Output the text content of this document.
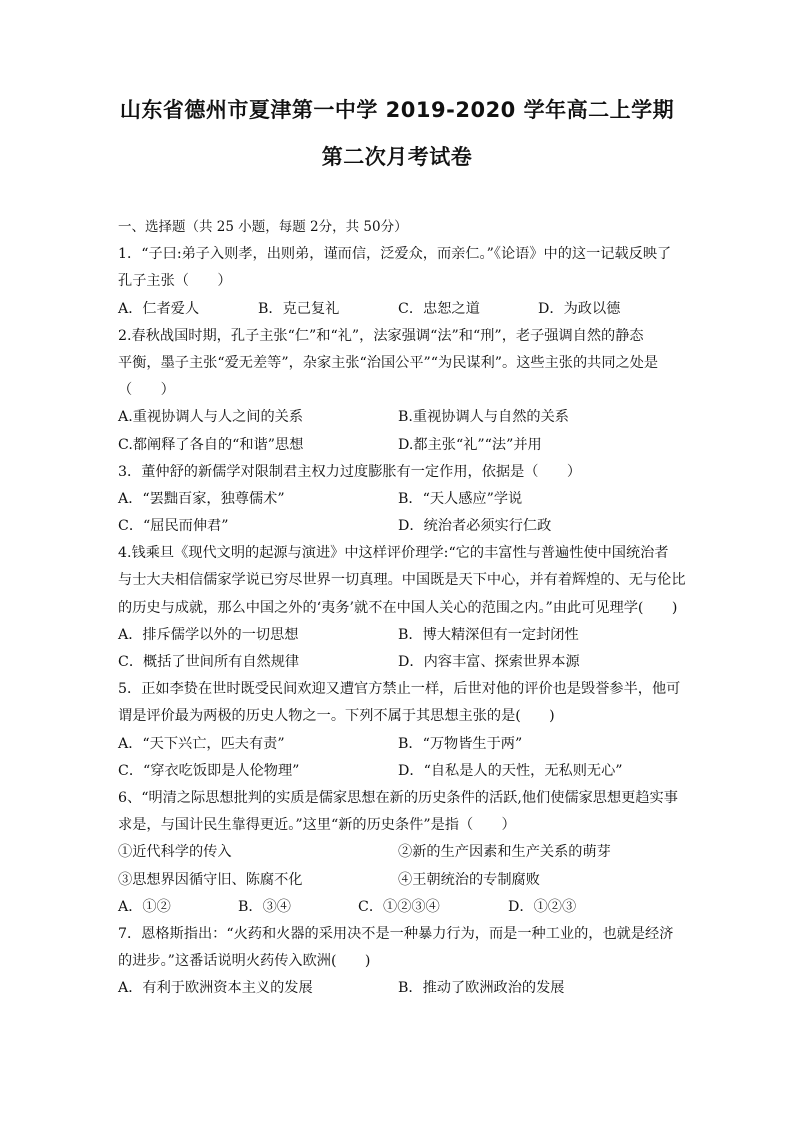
山东省德州市夏津第一中学 2019-2020 学年高二上学期
第二次月考试卷
一、选择题（共 25 小题，每题 2分，共 50分）
1．“子曰:弟子入则孝，出则弟，谨而信，泛爱众，而亲仁。”《论语》中的这一记载反映了
孔子主张（　　）
A．仁者爱人	B．克己复礼	C．忠恕之道	D．为政以德
2.春秋战国时期，孔子主张“仁”和“礼”，法家强调“法”和“刑”，老子强调自然的静态
平衡，墨子主张“爱无差等”，杂家主张“治国公平”“为民谋利”。这些主张的共同之处是
（　　）
A.重视协调人与人之间的关系	B.重视协调人与自然的关系
C.都阐释了各自的“和谐”思想	D.都主张“礼”“法”并用
3．董仲舒的新儒学对限制君主权力过度膨胀有一定作用，依据是（　　）
A．“罢黜百家，独尊儒术”	B．“天人感应”学说
C．“屈民而伸君”	D．统治者必须实行仁政
4.钱乘旦《现代文明的起源与演进》中这样评价理学:“它的丰富性与普遍性使中国统治者
与士大夫相信儒家学说已穷尽世界一切真理。中国既是天下中心，并有着辉煌的、无与伦比
的历史与成就，那么中国之外的‘夷务’就不在中国人关心的范围之内。”由此可见理学(　　)
A．排斥儒学以外的一切思想	B．博大精深但有一定封闭性
C．概括了世间所有自然规律	D．内容丰富、探索世界本源
5．正如李贽在世时既受民间欢迎又遭官方禁止一样，后世对他的评价也是毁誉参半，他可
谓是评价最为两极的历史人物之一。下列不属于其思想主张的是(　　)
A．“天下兴亡，匹夫有责”	B．“万物皆生于两”
C．“穿衣吃饭即是人伦物理”	D．“自私是人的天性，无私则无心”
6、“明清之际思想批判的实质是儒家思想在新的历史条件的活跃,他们使儒家思想更趋实事
求是，与国计民生靠得更近。”这里“新的历史条件”是指（　　）
①近代科学的传入	②新的生产因素和生产关系的萌芽
③思想界因循守旧、陈腐不化	④王朝统治的专制腐败
A．①②	B．③④	C．①②③④	D．①②③
7．恩格斯指出：“火药和火器的采用决不是一种暴力行为，而是一种工业的，也就是经济
的进步。”这番话说明火药传入欧洲(　　)
A．有利于欧洲资本主义的发展	B．推动了欧洲政治的发展
